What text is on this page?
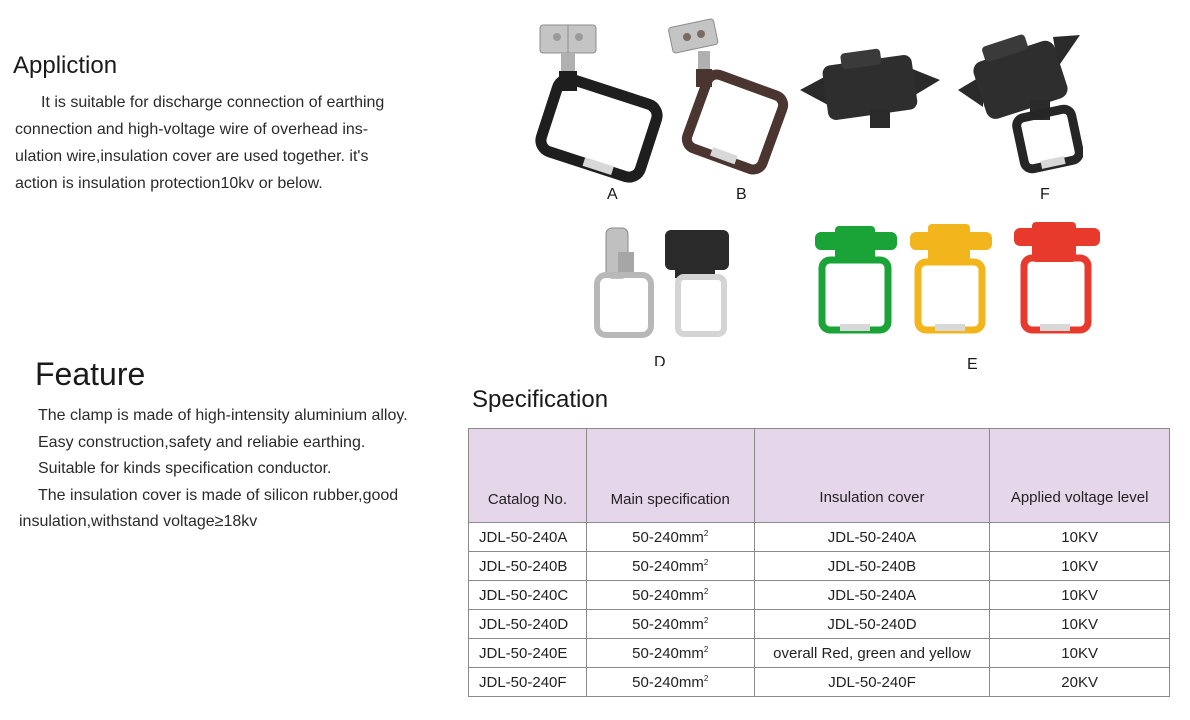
Appliction

It is suitable for discharge connection of earthing connection and high-voltage wire of overhead ins-ulation wire,insulation cover are used together. it's action is insulation protection10kv or below.

Feature

The clamp is made of high-intensity aluminium alloy.

Easy construction,safety and reliabie earthing.

Suitable for kinds specification conductor.

The insulation cover is made of silicon rubber,good

insulation,withstand voltage≥18kv

A	B	F
D	E
Specification
Catalog No.	Main specification	Insulation cover	Applied voltage level
JDL-50-240A	$50-240mm^2$	JDL-50-240A	10KV
JDL-50-240B	$50-240mm^2$	JDL-50-240B	10KV
JDL-50-240C	$50-240mm^2$	JDL-50-240A	10KV
JDL-50-240D	$50-240mm^2$	JDL-50-240D	10KV
JDL-50-240E	$50-240mm^2$	overall Red, green and yellow	10KV
JDL-50-240F	$50-240mm^2$	JDL-50-240F	20KV
